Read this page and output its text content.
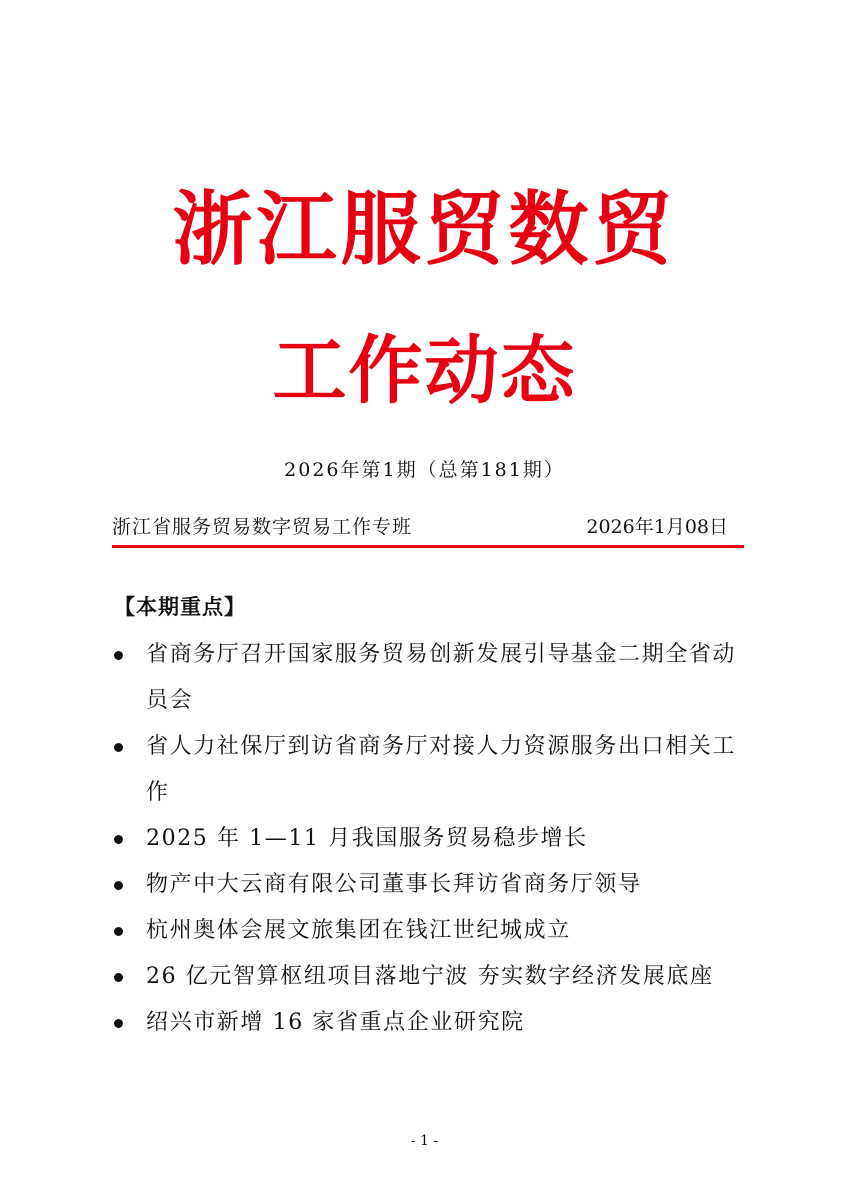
浙江服贸数贸
工作动态
2026年第1期（总第181期）
浙江省服务贸易数字贸易工作专班	2026年1月08日
【本期重点】
省商务厅召开国家服务贸易创新发展引导基金二期全省动员会
省人力社保厅到访省商务厅对接人力资源服务出口相关工作
2025 年 1—11 月我国服务贸易稳步增长
物产中大云商有限公司董事长拜访省商务厅领导
杭州奥体会展文旅集团在钱江世纪城成立
26 亿元智算枢纽项目落地宁波 夯实数字经济发展底座
绍兴市新增 16 家省重点企业研究院
- 1 -
